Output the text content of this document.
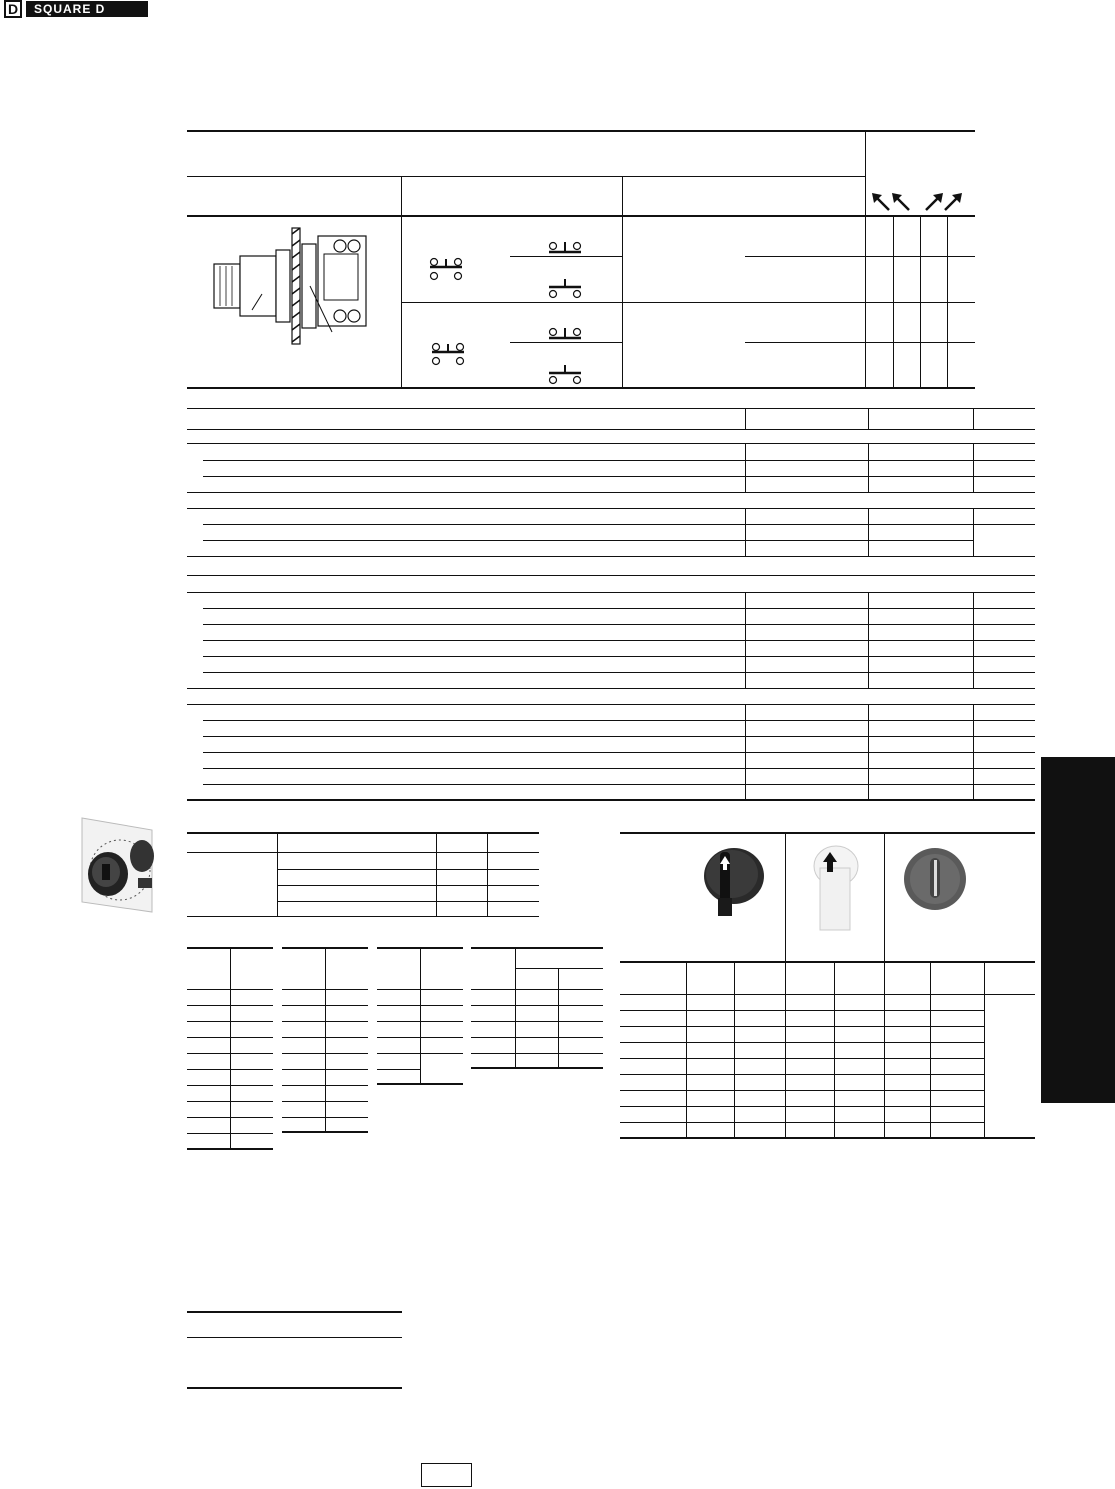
D	SQUARE D
